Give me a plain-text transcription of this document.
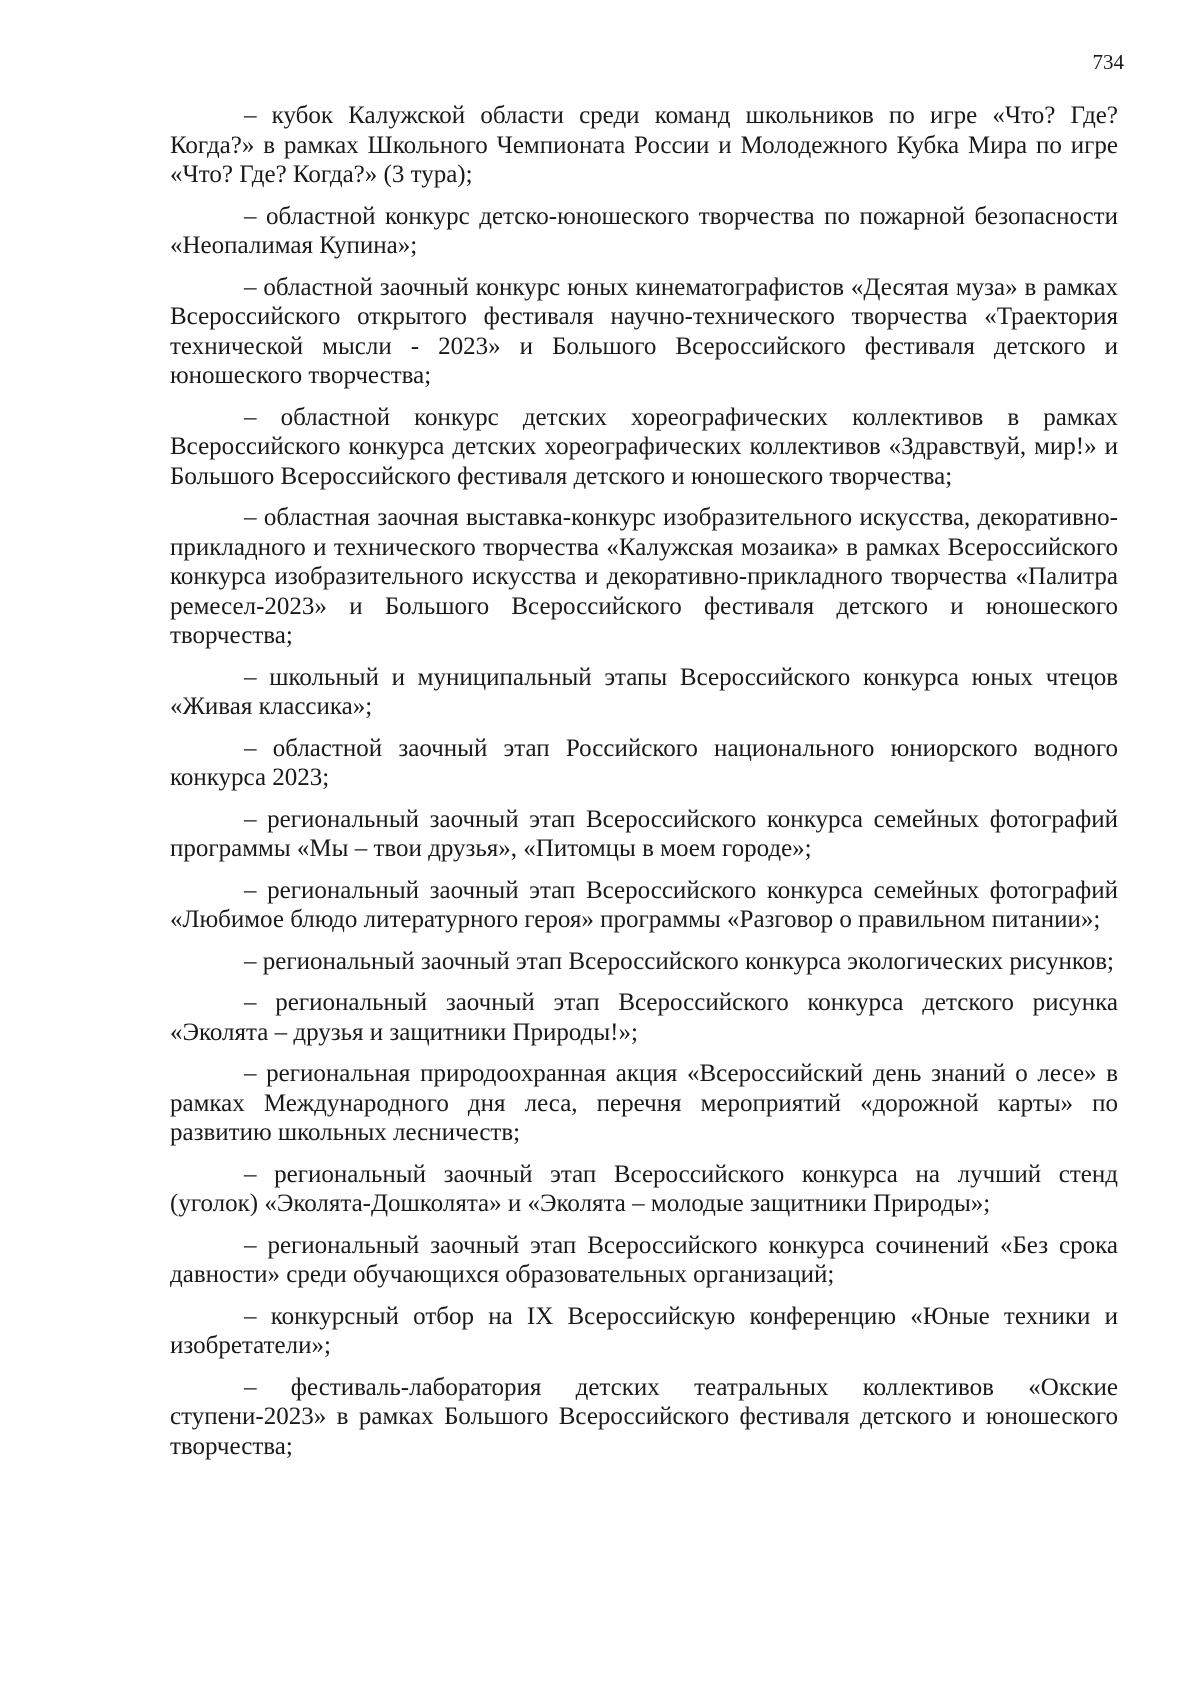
734

– кубок Калужской области среди команд школьников по игре «Что? Где? Когда?» в рамках Школьного Чемпионата России и Молодежного Кубка Мира по игре «Что? Где? Когда?» (3 тура);

– областной конкурс детско-юношеского творчества по пожарной безопасности «Неопалимая Купина»;

– областной заочный конкурс юных кинематографистов «Десятая муза» в рамках Всероссийского открытого фестиваля научно-технического творчества «Траектория технической мысли - 2023» и Большого Всероссийского фестиваля детского и юношеского творчества;

– областной конкурс детских хореографических коллективов в рамках Всероссийского конкурса детских хореографических коллективов «Здравствуй, мир!» и Большого Всероссийского фестиваля детского и юношеского творчества;

– областная заочная выставка-конкурс изобразительного искусства, декоративно-прикладного и технического творчества «Калужская мозаика» в рамках Всероссийского конкурса изобразительного искусства и декоративно-прикладного творчества «Палитра ремесел-2023» и Большого Всероссийского фестиваля детского и юношеского творчества;

– школьный и муниципальный этапы Всероссийского конкурса юных чтецов «Живая классика»;

– областной заочный этап Российского национального юниорского водного конкурса 2023;

– региональный заочный этап Всероссийского конкурса семейных фотографий программы «Мы – твои друзья», «Питомцы в моем городе»;

– региональный заочный этап Всероссийского конкурса семейных фотографий «Любимое блюдо литературного героя» программы «Разговор о правильном питании»;

– региональный заочный этап Всероссийского конкурса экологических рисунков;

– региональный заочный этап Всероссийского конкурса детского рисунка «Эколята – друзья и защитники Природы!»;

– региональная природоохранная акция «Всероссийский день знаний о лесе» в рамках Международного дня леса, перечня мероприятий «дорожной карты» по развитию школьных лесничеств;

– региональный заочный этап Всероссийского конкурса на лучший стенд (уголок) «Эколята-Дошколята» и «Эколята – молодые защитники Природы»;

– региональный заочный этап Всероссийского конкурса сочинений «Без срока давности» среди обучающихся образовательных организаций;

– конкурсный отбор на IX Всероссийскую конференцию «Юные техники и изобретатели»;

– фестиваль-лаборатория детских театральных коллективов «Окские ступени-2023» в рамках Большого Всероссийского фестиваля детского и юношеского творчества;
